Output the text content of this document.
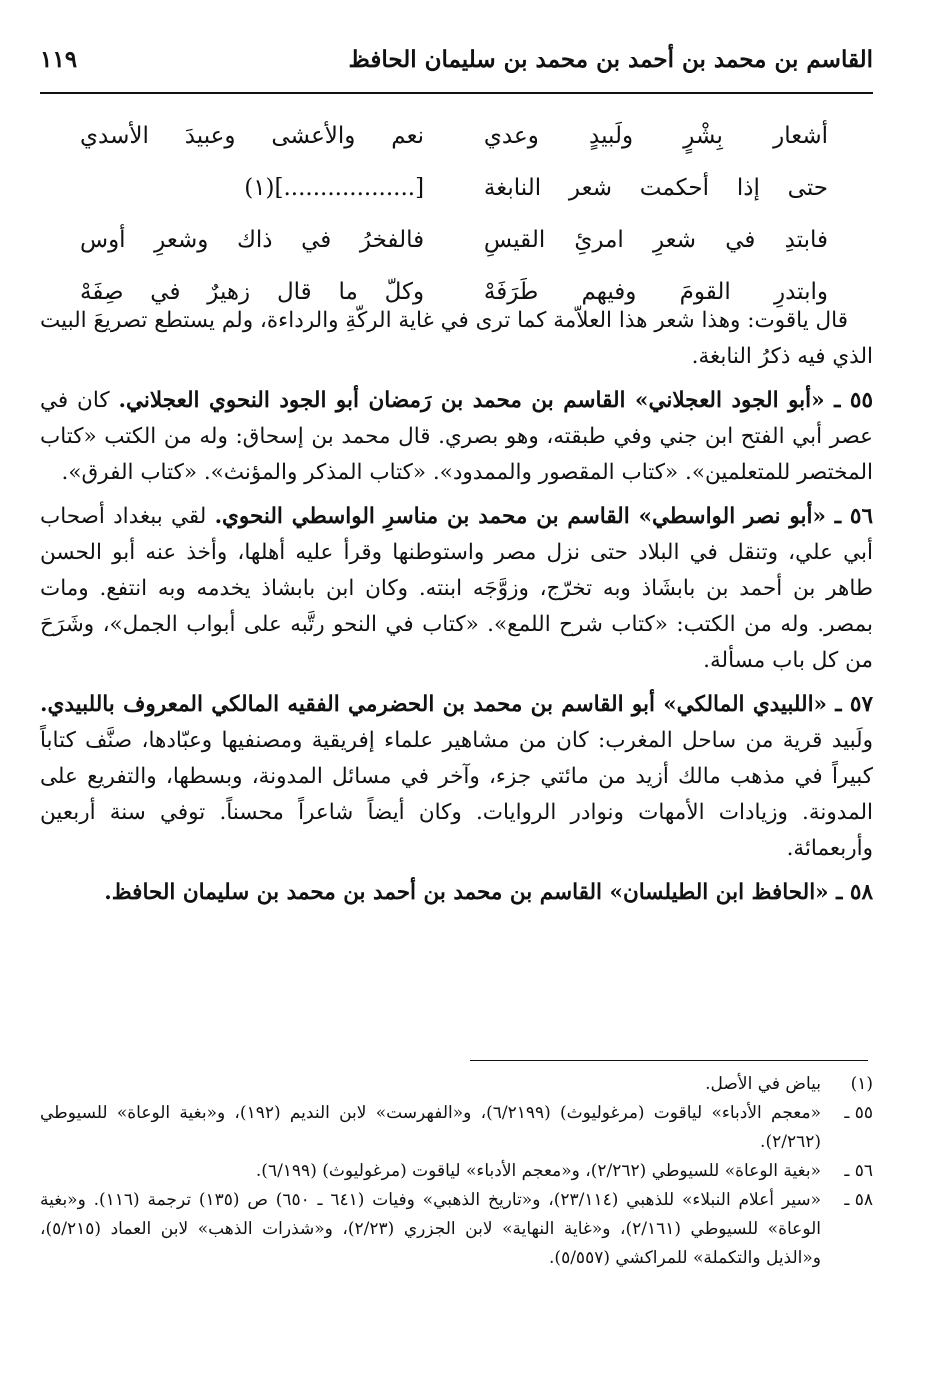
القاسم بن محمد بن أحمد بن محمد بن سليمان الحافظ
١١٩
أشعار بِشْرٍ ولَبيدٍ وعدي
نعم والأعشى وعبيدَ الأسدي
حتى إذا أحكمت شعر النابغة
[..................](١)
فابتدِ في شعرِ امرئِ القيسِ
فالفخرُ في ذاك وشعرِ أوس
وابتدرِ القومَ وفيهم طَرَفَهْ
وكلّ ما قال زهيرٌ في صِفَهْ

قال ياقوت: وهذا شعر هذا العلاّمة كما ترى في غاية الركّةِ والرداءة، ولم يستطع تصريعَ البيت الذي فيه ذكرُ النابغة.

٥٥ ـ «أبو الجود العجلاني» القاسم بن محمد بن رَمضان أبو الجود النحوي العجلاني. كان في عصر أبي الفتح ابن جني وفي طبقته، وهو بصري. قال محمد بن إسحاق: وله من الكتب «كتاب المختصر للمتعلمين». «كتاب المقصور والممدود». «كتاب المذكر والمؤنث». «كتاب الفرق».

٥٦ ـ «أبو نصر الواسطي» القاسم بن محمد بن مناسرِ الواسطي النحوي. لقي ببغداد أصحاب أبي علي، وتنقل في البلاد حتى نزل مصر واستوطنها وقرأ عليه أهلها، وأخذ عنه أبو الحسن طاهر بن أحمد بن بابشَاذ وبه تخرّج، وزوَّجَه ابنته. وكان ابن بابشاذ يخدمه وبه انتفع. ومات بمصر. وله من الكتب: «كتاب شرح اللمع». «كتاب في النحو رتَّبه على أبواب الجمل»، وشَرَحَ من كل باب مسألة.

٥٧ ـ «اللبيدي المالكي» أبو القاسم بن محمد بن الحضرمي الفقيه المالكي المعروف باللبيدي. ولَبيد قرية من ساحل المغرب: كان من مشاهير علماء إفريقية ومصنفيها وعبّادها، صنَّف كتاباً كبيراً في مذهب مالك أزيد من مائتي جزء، وآخر في مسائل المدونة، وبسطها، والتفريع على المدونة. وزيادات الأمهات ونوادر الروايات. وكان أيضاً شاعراً محسناً. توفي سنة أربعين وأربعمائة.

٥٨ ـ «الحافظ ابن الطيلسان» القاسم بن محمد بن أحمد بن محمد بن سليمان الحافظ.

(١)
بياض في الأصل.
٥٥ ـ
«معجم الأدباء» لياقوت (مرغوليوث) (٦/٢١٩٩)، و«الفهرست» لابن النديم (١٩٢)، و«بغية الوعاة» للسيوطي (٢/٢٦٢).
٥٦ ـ
«بغية الوعاة» للسيوطي (٢/٢٦٢)، و«معجم الأدباء» لياقوت (مرغوليوث) (٦/١٩٩).
٥٨ ـ
«سير أعلام النبلاء» للذهبي (٢٣/١١٤)، و«تاريخ الذهبي» وفيات (٦٤١ ـ ٦٥٠) ص (١٣٥) ترجمة (١١٦). و«بغية الوعاة» للسيوطي (٢/١٦١)، و«غاية النهاية» لابن الجزري (٢/٢٣)، و«شذرات الذهب» لابن العماد (٥/٢١٥)، و«الذيل والتكملة» للمراكشي (٥/٥٥٧).
